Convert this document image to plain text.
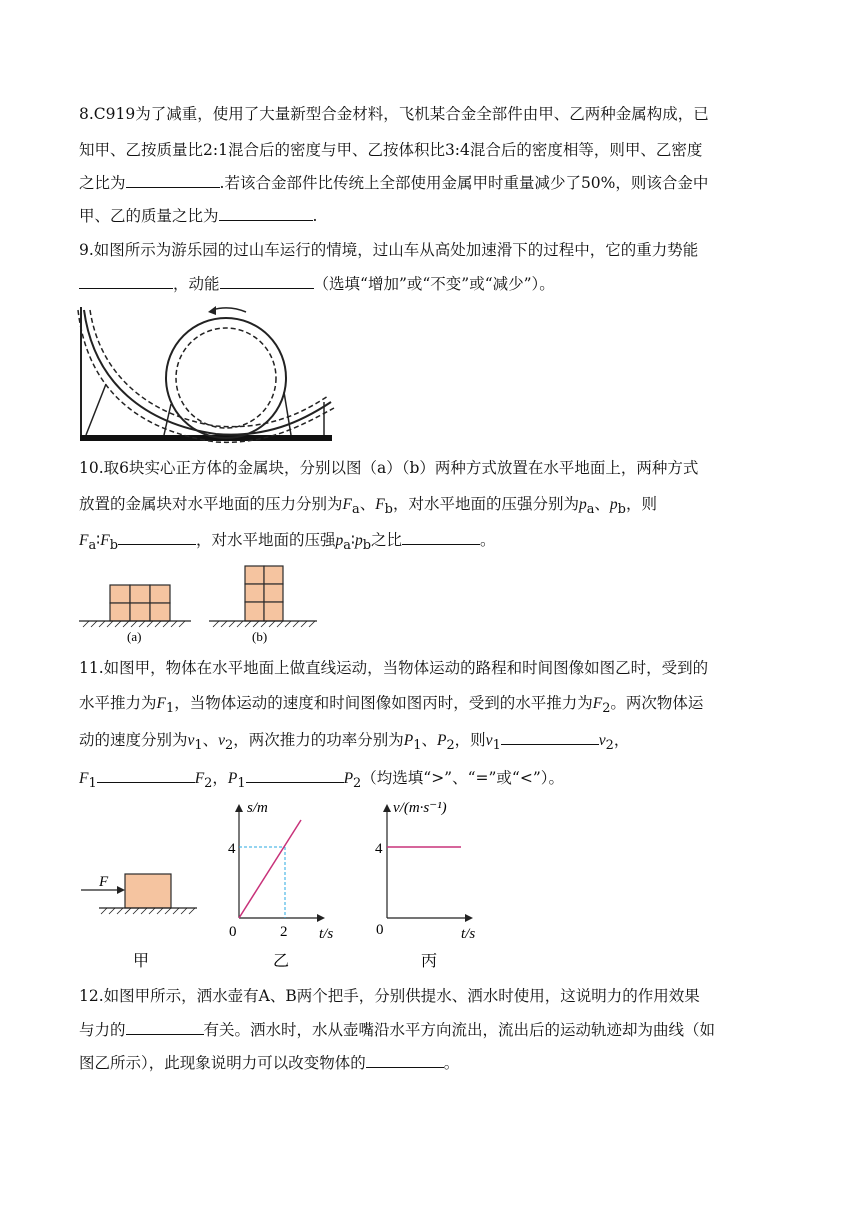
8.C919为了减重，使用了大量新型合金材料，飞机某合金全部件由甲、乙两种金属构成，已
知甲、乙按质量比2:1混合后的密度与甲、乙按体积比3:4混合后的密度相等，则甲、乙密度
之比为	.若该合金部件比传统上全部使用金属甲时重量减少了50%，则该合金中
甲、乙的质量之比为	.
9.如图所示为游乐园的过山车运行的情境，过山车从高处加速滑下的过程中，它的重力势能
，动能	（选填“增加”或“不变”或“减少”）。
10.取6块实心正方体的金属块，分别以图（a）（b）两种方式放置在水平地面上，两种方式
放置的金属块对水平地面的压力分别为$F_a$、$F_b$，对水平地面的压强分别为$p_a$、$p_b$，则
$F_a∶F_b$	，对水平地面的压强$p_a∶p_b$之比	。
(a)	(b)
11.如图甲，物体在水平地面上做直线运动，当物体运动的路程和时间图像如图乙时，受到的
水平推力为$F_1$，当物体运动的速度和时间图像如图丙时，受到的水平推力为$F_2$。两次物体运
动的速度分别为$v_1$、$v_2$，两次推力的功率分别为$P_1$、$P_2$，则$v_1$	$v_2$，
$F_1$	$F_2$，$P_1$	$P_2$（均选填“>”、“=”或“<”）。
F
甲
s/m
4
2
0	t/s
乙
v/(m·s⁻¹)
4
0	t/s
丙
12.如图甲所示，洒水壶有A、B两个把手，分别供提水、洒水时使用，这说明力的作用效果
与力的	有关。洒水时，水从壶嘴沿水平方向流出，流出后的运动轨迹却为曲线（如
图乙所示），此现象说明力可以改变物体的	。
